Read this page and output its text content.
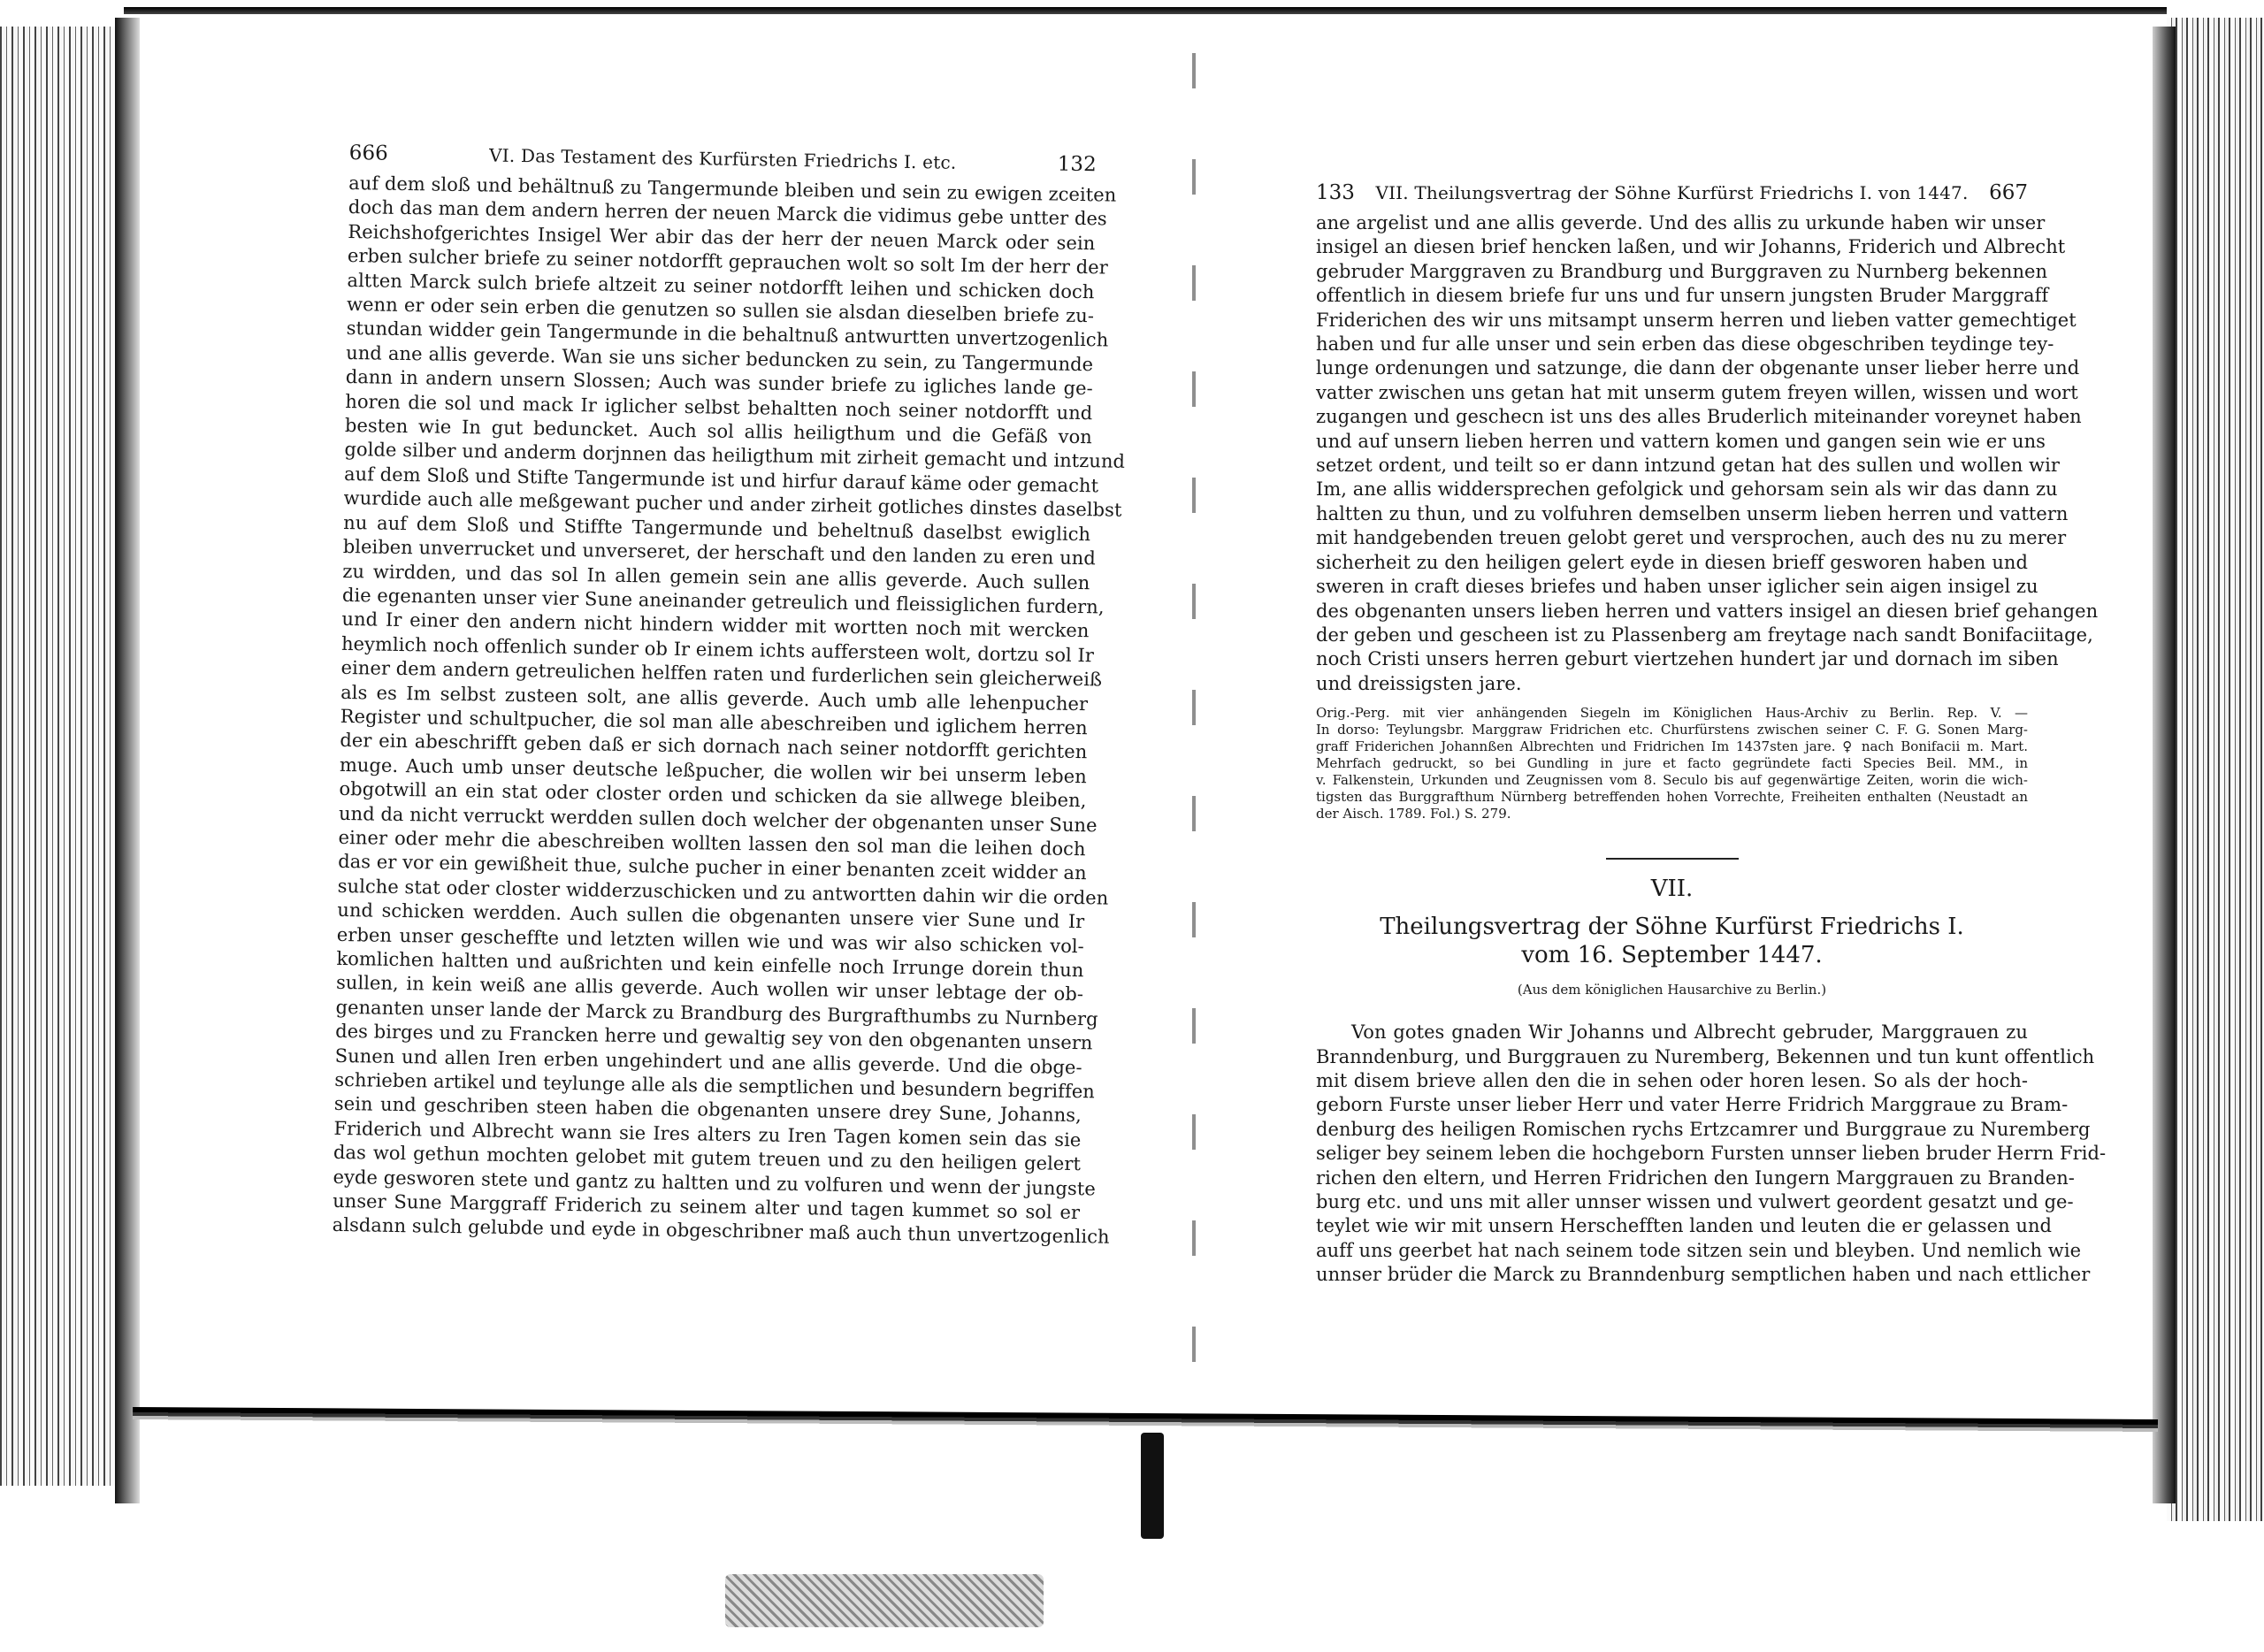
666	VI. Das Testament des Kurfürsten Friedrichs I. etc.	132
auf dem sloß und behältnuß zu Tangermunde bleiben und sein zu ewigen zceiten
doch das man dem andern herren der neuen Marck die vidimus gebe untter des
Reichshofgerichtes Insigel Wer abir das der herr der neuen Marck oder sein
erben sulcher briefe zu seiner notdorfft geprauchen wolt so solt Im der herr der
altten Marck sulch briefe altzeit zu seiner notdorfft leihen und schicken doch
wenn er oder sein erben die genutzen so sullen sie alsdan dieselben briefe zu-
stundan widder gein Tangermunde in die behaltnuß antwurtten unvertzogenlich
und ane allis geverde. Wan sie uns sicher beduncken zu sein, zu Tangermunde
dann in andern unsern Slossen; Auch was sunder briefe zu igliches lande ge-
horen die sol und mack Ir iglicher selbst behaltten noch seiner notdorfft und
besten wie In gut beduncket. Auch sol allis heiligthum und die Gefäß von
golde silber und anderm dorjnnen das heiligthum mit zirheit gemacht und intzund
auf dem Sloß und Stifte Tangermunde ist und hirfur darauf käme oder gemacht
wurdide auch alle meßgewant pucher und ander zirheit gotliches dinstes daselbst
nu auf dem Sloß und Stiffte Tangermunde und beheltnuß daselbst ewiglich
bleiben unverrucket und unverseret, der herschaft und den landen zu eren und
zu wirdden, und das sol In allen gemein sein ane allis geverde. Auch sullen
die egenanten unser vier Sune aneinander getreulich und fleissiglichen furdern,
und Ir einer den andern nicht hindern widder mit wortten noch mit wercken
heymlich noch offenlich sunder ob Ir einem ichts auffersteen wolt, dortzu sol Ir
einer dem andern getreulichen helffen raten und furderlichen sein gleicherweiß
als es Im selbst zusteen solt, ane allis geverde. Auch umb alle lehenpucher
Register und schultpucher, die sol man alle abeschreiben und iglichem herren
der ein abeschrifft geben daß er sich dornach nach seiner notdorfft gerichten
muge. Auch umb unser deutsche leßpucher, die wollen wir bei unserm leben
obgotwill an ein stat oder closter orden und schicken da sie allwege bleiben,
und da nicht verruckt werdden sullen doch welcher der obgenanten unser Sune
einer oder mehr die abeschreiben wollten lassen den sol man die leihen doch
das er vor ein gewißheit thue, sulche pucher in einer benanten zceit widder an
sulche stat oder closter widderzuschicken und zu antwortten dahin wir die orden
und schicken werdden. Auch sullen die obgenanten unsere vier Sune und Ir
erben unser gescheffte und letzten willen wie und was wir also schicken vol-
komlichen haltten und außrichten und kein einfelle noch Irrunge dorein thun
sullen, in kein weiß ane allis geverde. Auch wollen wir unser lebtage der ob-
genanten unser lande der Marck zu Brandburg des Burgrafthumbs zu Nurnberg
des birges und zu Francken herre und gewaltig sey von den obgenanten unsern
Sunen und allen Iren erben ungehindert und ane allis geverde. Und die obge-
schrieben artikel und teylunge alle als die semptlichen und besundern begriffen
sein und geschriben steen haben die obgenanten unsere drey Sune, Johanns,
Friderich und Albrecht wann sie Ires alters zu Iren Tagen komen sein das sie
das wol gethun mochten gelobet mit gutem treuen und zu den heiligen gelert
eyde gesworen stete und gantz zu haltten und zu volfuren und wenn der jungste
unser Sune Marggraff Friderich zu seinem alter und tagen kummet so sol er
alsdann sulch gelubde und eyde in obgeschribner maß auch thun unvertzogenlich
133 VII. Theilungsvertrag der Söhne Kurfürst Friedrichs I. von 1447. 667
ane argelist und ane allis geverde. Und des allis zu urkunde haben wir unser
insigel an diesen brief hencken laßen, und wir Johanns, Friderich und Albrecht
gebruder Marggraven zu Brandburg und Burggraven zu Nurnberg bekennen
offentlich in diesem briefe fur uns und fur unsern jungsten Bruder Marggraff
Friderichen des wir uns mitsampt unserm herren und lieben vatter gemechtiget
haben und fur alle unser und sein erben das diese obgeschriben teydinge tey-
lunge ordenungen und satzunge, die dann der obgenante unser lieber herre und
vatter zwischen uns getan hat mit unserm gutem freyen willen, wissen und wort
zugangen und geschecn ist uns des alles Bruderlich miteinander voreynet haben
und auf unsern lieben herren und vattern komen und gangen sein wie er uns
setzet ordent, und teilt so er dann intzund getan hat des sullen und wollen wir
Im, ane allis widdersprechen gefolgick und gehorsam sein als wir das dann zu
haltten zu thun, und zu volfuhren demselben unserm lieben herren und vattern
mit handgebenden treuen gelobt geret und versprochen, auch des nu zu merer
sicherheit zu den heiligen gelert eyde in diesen brieff gesworen haben und
sweren in craft dieses briefes und haben unser iglicher sein aigen insigel zu
des obgenanten unsers lieben herren und vatters insigel an diesen brief gehangen
der geben und gescheen ist zu Plassenberg am freytage nach sandt Bonifaciitage,
noch Cristi unsers herren geburt viertzehen hundert jar und dornach im siben
und dreissigsten jare.
Orig.-Perg. mit vier anhängenden Siegeln im Königlichen Haus-Archiv zu Berlin. Rep. V. —
In dorso: Teylungsbr. Marggraw Fridrichen etc. Churfürstens zwischen seiner C. F. G. Sonen Marg-
graff Friderichen Johannßen Albrechten und Fridrichen Im 1437sten jare. ♀ nach Bonifacii m. Mart.
Mehrfach gedruckt, so bei Gundling in jure et facto gegründete facti Species Beil. MM., in
v. Falkenstein, Urkunden und Zeugnissen vom 8. Seculo bis auf gegenwärtige Zeiten, worin die wich-
tigsten das Burggrafthum Nürnberg betreffenden hohen Vorrechte, Freiheiten enthalten (Neustadt an
der Aisch. 1789. Fol.) S. 279.
VII.
Theilungsvertrag der Söhne Kurfürst Friedrichs I.
vom 16. September 1447.
(Aus dem königlichen Hausarchive zu Berlin.)
Von gotes gnaden Wir Johanns und Albrecht gebruder, Marggrauen zu
Branndenburg, und Burggrauen zu Nuremberg, Bekennen und tun kunt offentlich
mit disem brieve allen den die in sehen oder horen lesen. So als der hoch-
geborn Furste unser lieber Herr und vater Herre Fridrich Marggraue zu Bram-
denburg des heiligen Romischen rychs Ertzcamrer und Burggraue zu Nuremberg
seliger bey seinem leben die hochgeborn Fursten unnser lieben bruder Herrn Frid-
richen den eltern, und Herren Fridrichen den Iungern Marggrauen zu Branden-
burg etc. und uns mit aller unnser wissen und vulwert geordent gesatzt und ge-
teylet wie wir mit unsern Herschefften landen und leuten die er gelassen und
auff uns geerbet hat nach seinem tode sitzen sein und bleyben. Und nemlich wie
unnser brüder die Marck zu Branndenburg semptlichen haben und nach ettlicher
